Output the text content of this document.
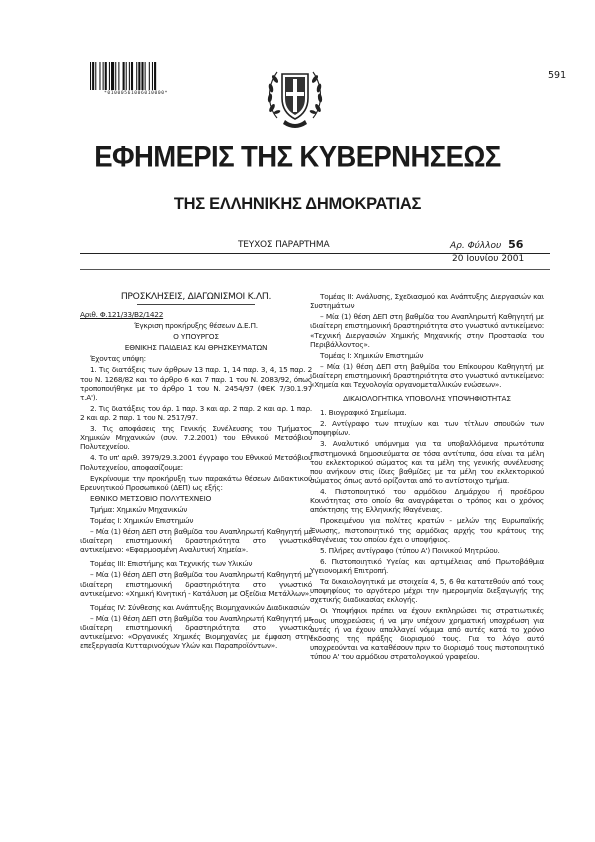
*01000561006010000*
591
ΕΦΗΜΕΡΙΣ ΤΗΣ ΚΥΒΕΡΝΗΣΕΩΣ
ΤΗΣ ΕΛΛΗΝΙΚΗΣ ΔΗΜΟΚΡΑΤΙΑΣ
ΤΕΥΧΟΣ ΠΑΡΑΡΤΗΜΑ	Αρ. Φύλλου 56
20 Ιουνίου 2001

ΠΡΟΣΚΛΗΣΕΙΣ, ΔΙΑΓΩΝΙΣΜΟΙ Κ.ΛΠ.

Αριθ. Φ.121/33/Β2/1422

Έγκριση προκήρυξης θέσεων Δ.Ε.Π.

Ο ΥΠΟΥΡΓΟΣ

ΕΘΝΙΚΗΣ ΠΑΙΔΕΙΑΣ ΚΑΙ ΘΡΗΣΚΕΥΜΑΤΩΝ

Έχοντας υπόψη:

1. Τις διατάξεις των άρθρων 13 παρ. 1, 14 παρ. 3, 4, 15 παρ. 2 του Ν. 1268/82 και το άρθρο 6 και 7 παρ. 1 του Ν. 2083/92, όπως τροποποιήθηκε με το άρθρο 1 του Ν. 2454/97 (ΦΕΚ 7/30.1.97 τ.Α').

2. Τις διατάξεις του άρ. 1 παρ. 3 και αρ. 2 παρ. 2 και αρ. 1 παρ. 2 και αρ. 2 παρ. 1 του Ν. 2517/97.

3. Τις αποφάσεις της Γενικής Συνέλευσης του Τμήματος Χημικών Μηχανικών (συν. 7.2.2001) του Εθνικού Μετσόβιου Πολυτεχνείου.

4. Το υπ' αριθ. 3979/29.3.2001 έγγραφο του Εθνικού Μετσόβιου Πολυτεχνείου, αποφασίζουμε:

Εγκρίνουμε την προκήρυξη των παρακάτω θέσεων Διδακτικού Ερευνητικού Προσωπικού (ΔΕΠ) ως εξής:

ΕΘΝΙΚΟ ΜΕΤΣΟΒΙΟ ΠΟΛΥΤΕΧΝΕΙΟ

Τμήμα: Χημικών Μηχανικών

Τομέας Ι: Χημικών Επιστημών

– Μία (1) θέση ΔΕΠ στη βαθμίδα του Αναπληρωτή Καθηγητή με ιδιαίτερη επιστημονική δραστηριότητα στο γνωστικό αντικείμενο: «Εφαρμοσμένη Αναλυτική Χημεία».

Τομέας ΙΙΙ: Επιστήμης και Τεχνικής των Υλικών

– Μία (1) θέση ΔΕΠ στη βαθμίδα του Αναπληρωτή Καθηγητή με ιδιαίτερη επιστημονική δραστηριότητα στο γνωστικό αντικείμενο: «Χημική Κινητική - Κατάλυση με Οξείδια Μετάλλων».

Τομέας ΙV: Σύνθεσης και Ανάπτυξης Βιομηχανικών Διαδικασιών

– Μία (1) θέση ΔΕΠ στη βαθμίδα του Αναπληρωτή Καθηγητή με ιδιαίτερη επιστημονική δραστηριότητα στο γνωστικό αντικείμενο: «Οργανικές Χημικές Βιομηχανίες με έμφαση στην επεξεργασία Κυτταρινούχων Υλών και Παραπροϊόντων».

Τομέας ΙΙ: Ανάλυσης, Σχεδιασμού και Ανάπτυξης Διεργασιών και Συστημάτων

– Μία (1) θέση ΔΕΠ στη βαθμίδα του Αναπληρωτή Καθηγητή με ιδιαίτερη επιστημονική δραστηριότητα στο γνωστικό αντικείμενο: «Τεχνική Διεργασιών Χημικής Μηχανικής στην Προστασία του Περιβάλλοντος».

Τομέας Ι: Χημικών Επιστημών

– Μία (1) θέση ΔΕΠ στη βαθμίδα του Επίκουρου Καθηγητή με ιδιαίτερη επιστημονική δραστηριότητα στο γνωστικό αντικείμενο: «Χημεία και Τεχνολογία οργανομεταλλικών ενώσεων».

ΔΙΚΑΙΟΛΟΓΗΤΙΚΑ ΥΠΟΒΟΛΗΣ ΥΠΟΨΗΦΙΟΤΗΤΑΣ

1. Βιογραφικό Σημείωμα.

2. Αντίγραφο των πτυχίων και των τίτλων σπουδών των υποψηφίων.

3. Αναλυτικό υπόμνημα για τα υποβαλλόμενα πρωτότυπα επιστημονικά δημοσιεύματα σε τόσα αντίτυπα, όσα είναι τα μέλη του εκλεκτορικού σώματος και τα μέλη της γενικής συνέλευσης που ανήκουν στις ίδιες βαθμίδες με τα μέλη του εκλεκτορικού σώματος όπως αυτό ορίζονται από το αντίστοιχο τμήμα.

4. Πιστοποιητικό του αρμόδιου Δημάρχου ή προέδρου Κοινότητας στο οποίο θα αναγράφεται ο τρόπος και ο χρόνος απόκτησης της Ελληνικής Ιθαγένειας.

Προκειμένου για πολίτες κρατών - μελών της Ευρωπαϊκής Ένωσης, πιστοποιητικό της αρμόδιας αρχής του κράτους της ιθαγένειας του οποίου έχει ο υποψήφιος.

5. Πλήρες αντίγραφο (τύπου Α') Ποινικού Μητρώου.

6. Πιστοποιητικό Υγείας και αρτιμέλειας από Πρωτοβάθμια Υγειονομική Επιτροπή.

Τα δικαιολογητικά με στοιχεία 4, 5, 6 θα κατατεθούν από τους υποψηφίους το αργότερο μέχρι την ημερομηνία διεξαγωγής της σχετικής διαδικασίας εκλογής.

Οι Υποψήφιοι πρέπει να έχουν εκπληρώσει τις στρατιωτικές τους υποχρεώσεις ή να μην υπέχουν χρηματική υποχρέωση για αυτές ή να έχουν απαλλαγεί νόμιμα από αυτές κατά το χρόνο έκδοσης της πράξης διορισμού τους. Για το λόγο αυτό υποχρεούνται να καταθέσουν πριν το διορισμό τους πιστοποιητικό τύπου Α' του αρμόδιου στρατολογικού γραφείου.
